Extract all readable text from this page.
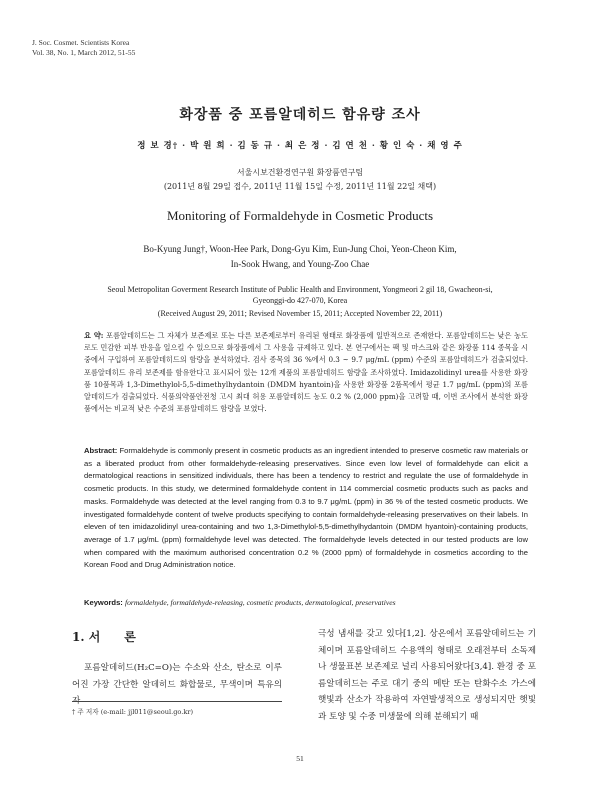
J. Soc. Cosmet. Scientists Korea
Vol. 38, No. 1, March 2012, 51-55
화장품 중 포름알데히드 함유량 조사
정 보 경† · 박 원 희 · 김 동 규 · 최 은 정 · 김 연 천 · 황 인 숙 · 채 영 주
서울시보건환경연구원 화장품연구팀
(2011년 8월 29일 접수, 2011년 11월 15일 수정, 2011년 11월 22일 채택)
Monitoring of Formaldehyde in Cosmetic Products
Bo-Kyung Jung†, Woon-Hee Park, Dong-Gyu Kim, Eun-Jung Choi, Yeon-Cheon Kim,
In-Sook Hwang, and Young-Zoo Chae
Seoul Metropolitan Goverment Research Institute of Public Health and Environment, Yongmeori 2 gil 18, Gwacheon-si,
Gyeonggi-do 427-070, Korea
(Received August 29, 2011; Revised November 15, 2011; Accepted November 22, 2011)
요 약: 포름알데히드는 그 자체가 보존제로 또는 다른 보존제로부터 유리된 형태로 화장품에 일반적으로 존재한다. 포름알데히드는 낮은 농도로도 민감한 피부 반응을 일으킬 수 있으므로 화장품에서 그 사용을 규제하고 있다. 본 연구에서는 팩 및 마스크와 같은 화장품 114 종목을 시중에서 구입하여 포름알데히드의 함량을 분석하였다. 검사 종목의 36 %에서 0.3 ~ 9.7 μg/mL (ppm) 수준의 포름알데히드가 검출되었다. 포름알데히드 유리 보존제를 함유한다고 표시되어 있는 12개 제품의 포름알데히드 함량을 조사하였다. Imidazolidinyl urea를 사용한 화장품 10품목과 1,3-Dimethylol-5,5-dimethylhydantoin (DMDM hyantoin)을 사용한 화장품 2품목에서 평균 1.7 μg/mL (ppm)의 포름알데히드가 검출되었다. 식품의약품안전청 고시 최대 허용 포름알데히드 농도 0.2 % (2,000 ppm)을 고려할 때, 이번 조사에서 분석한 화장품에서는 비교적 낮은 수준의 포름알데히드 함량을 보였다.
Abstract: Formaldehyde is commonly present in cosmetic products as an ingredient intended to preserve cosmetic raw materials or as a liberated product from other formaldehyde-releasing preservatives. Since even low level of formaldehyde can elicit a dermatological reactions in sensitized individuals, there has been a tendency to restrict and regulate the use of formaldehyde in cosmetic products. In this study, we determined formaldehyde content in 114 commercial cosmetic products such as packs and masks. Formaldehyde was detected at the level ranging from 0.3 to 9.7 μg/mL (ppm) in 36 % of the tested cosmetic products. We investigated formaldehyde content of twelve products specifying to contain formaldehyde-releasing preservatives on their labels. In eleven of ten imidazolidinyl urea-containing and two 1,3-Dimethylol-5,5-dimethylhydantoin (DMDM hyantoin)-containing products, average of 1.7 μg/mL (ppm) formaldehyde level was detected. The formaldehyde levels detected in our tested products are low when compared with the maximum authorised concentration 0.2 % (2000 ppm) of formaldehyde in cosmetics according to the Korean Food and Drug Administration notice.
Keywords: formaldehyde, formaldehyde-releasing, cosmetic products, dermatological, preservatives
1. 서　　론
포름알데히드(H₂C=O)는 수소와 산소, 탄소로 이루어진 가장 간단한 알데히드 화합물로, 무색이며 특유의 자
극성 냄새를 갖고 있다[1,2]. 상온에서 포름알데히드는 기체이며 포름알데히드 수용액의 형태로 오래전부터 소독제나 생물표본 보존제로 널리 사용되어왔다[3,4]. 환경 중 포름알데히드는 주로 대기 중의 메탄 또는 탄화수소 가스에 햇빛과 산소가 작용하여 자연발생적으로 생성되지만 햇빛과 토양 및 수중 미생물에 의해 분해되기 때
† 주 저자 (e-mail: jjl011@seoul.go.kr)
51
